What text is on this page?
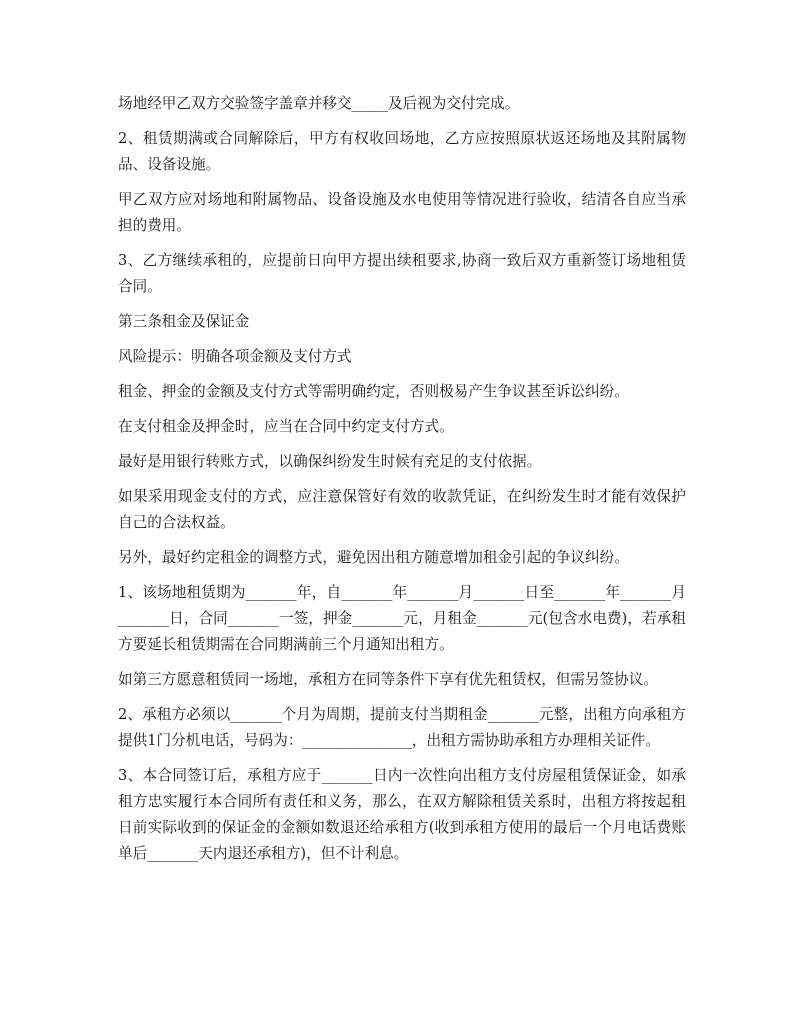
场地经甲乙双方交验签字盖章并移交_____及后视为交付完成。

2、租赁期满或合同解除后，甲方有权收回场地，乙方应按照原状返还场地及其附属物品、设备设施。

甲乙双方应对场地和附属物品、设备设施及水电使用等情况进行验收，结清各自应当承担的费用。

3、乙方继续承租的，应提前日向甲方提出续租要求,协商一致后双方重新签订场地租赁合同。

第三条租金及保证金

风险提示：明确各项金额及支付方式

租金、押金的金额及支付方式等需明确约定，否则极易产生争议甚至诉讼纠纷。

在支付租金及押金时，应当在合同中约定支付方式。

最好是用银行转账方式，以确保纠纷发生时候有充足的支付依据。

如果采用现金支付的方式，应注意保管好有效的收款凭证，在纠纷发生时才能有效保护自己的合法权益。

另外，最好约定租金的调整方式，避免因出租方随意增加租金引起的争议纠纷。

1、该场地租赁期为_______年，自_______年_______月_______日至_______年_______月_______日，合同_______一签，押金_______元，月租金_______元(包含水电费)，若承租方要延长租赁期需在合同期满前三个月通知出租方。

如第三方愿意租赁同一场地，承租方在同等条件下享有优先租赁权，但需另签协议。

2、承租方必须以_______个月为周期，提前支付当期租金_______元整，出租方向承租方提供1门分机电话，号码为：_______________，出租方需协助承租方办理相关证件。

3、本合同签订后，承租方应于_______日内一次性向出租方支付房屋租赁保证金，如承租方忠实履行本合同所有责任和义务，那么，在双方解除租赁关系时，出租方将按起租日前实际收到的保证金的金额如数退还给承租方(收到承租方使用的最后一个月电话费账单后_______天内退还承租方)，但不计利息。
